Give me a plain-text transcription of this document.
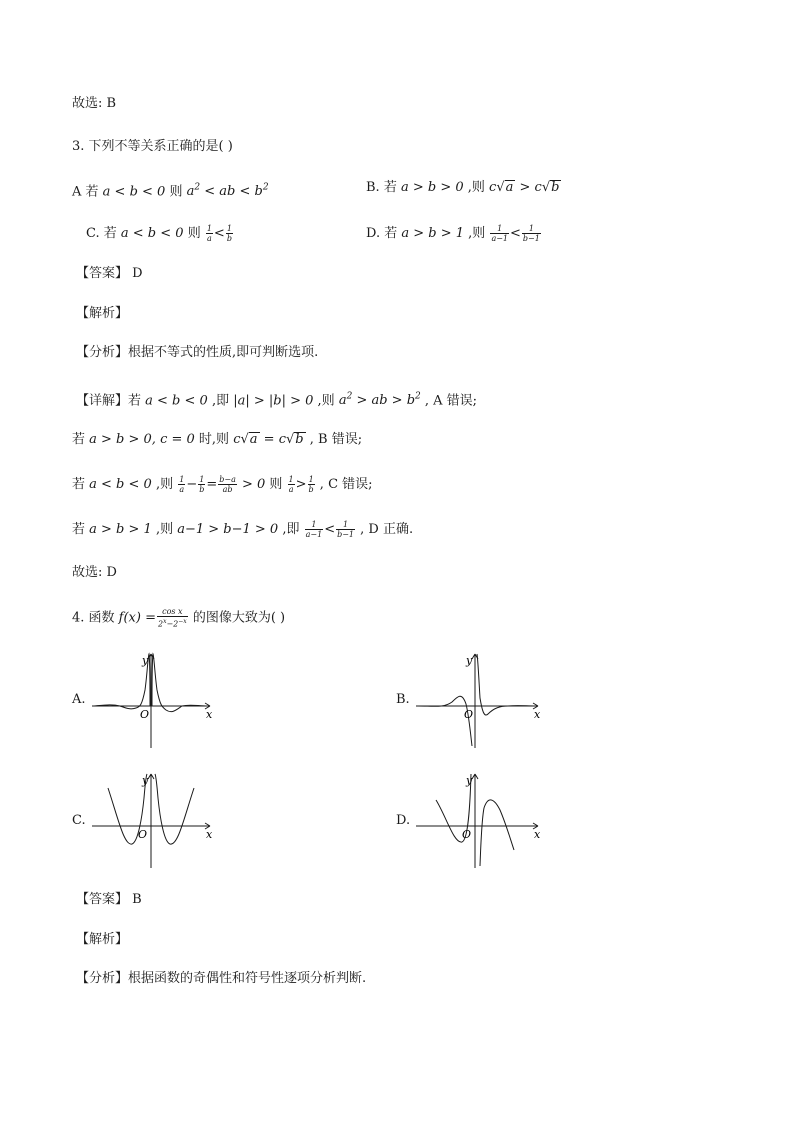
故选: B
3. 下列不等关系正确的是( )
A 若 a < b < 0 则 $a^2$ < ab < $b^2$	B. 若 a > b > 0 ,则 c√a > c√b
C. 若 a < b < 0 则 $\frac{1}{a} < \frac{1}{b}$	D. 若 a > b > 1 ,则 $\frac{1}{a-1} < \frac{1}{b-1}$
【答案】 D
【解析】
【分析】根据不等式的性质,即可判断选项.
【详解】若 a < b < 0 ,即 |a| > |b| > 0 ,则 $a^2$ > ab > $b^2$ , A 错误;
若 a > b > 0, c = 0 时,则 c√a = c√b , B 错误;
若 a < b < 0 ,则 $\frac{1}{a} - \frac{1}{b} = \frac{b-a}{ab} > 0$ 则 $\frac{1}{a} > \frac{1}{b}$ , C 错误;
若 a > b > 1 ,则 a−1 > b−1 > 0 ,即 $\frac{1}{a-1} < \frac{1}{b-1}$ , D 正确.
故选: D
4. 函数 $f(x) = \frac{\text{cos x}}{2^x-2^{-x}}$ 的图像大致为( )
A.	B.
C.	D.
y
x
O
y
x
O
y
x
O
y
x
O
【答案】 B
【解析】
【分析】根据函数的奇偶性和符号性逐项分析判断.
